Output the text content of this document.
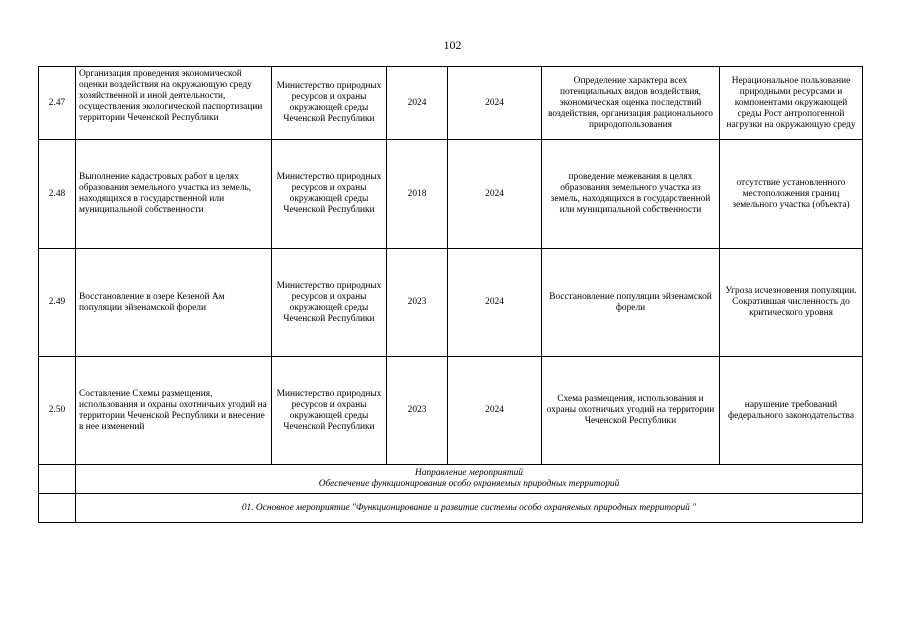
102
2.47	Организация проведения экономической оценки воздействия на окружающую среду хозяйственной и иной деятельности, осуществления экологической паспортизации территории Чеченской Республики	Министерство природных ресурсов и охраны окружающей среды Чеченской Республики	2024	2024	Определение характера всех потенциальных видов воздействия, экономическая оценка последствий воздействия, организация рационального природопользования	Нерациональное пользование природными ресурсами и компонентами окружающей среды Рост антропогенной нагрузки на окружающую среду
2.48	Выполнение кадастровых работ в целях образования земельного участка из земель, находящихся в государственной или муниципальной собственности	Министерство природных ресурсов и охраны окружающей среды Чеченской Республики	2018	2024	проведение межевания в целях образования земельного участка из земель, находящихся в государственной или муниципальной собственности	отсутствие установленного местоположения границ земельного участка (объекта)
2.49	Восстановление в озере Кезеной Ам популяции эйзенамской форели	Министерство природных ресурсов и охраны окружающей среды Чеченской Республики	2023	2024	Восстановление популяции эйзенамской форели	Угроза исчезновения популяции. Сократившая численность до критического уровня
2.50	Составление Схемы размещения, использования и охраны охотничьих угодий на территории Чеченской Республики и внесение в нее изменений	Министерство природных ресурсов и охраны окружающей среды Чеченской Республики	2023	2024	Схема размещения, использования и охраны охотничьих угодий на территории Чеченской Республики	нарушение требований федерального законодательства

	Направление мероприятий
Обеспечение функционирования особо охраняемых природных территорий					

	01. Основное мероприятие "Функционирование и развитие системы особо охраняемых природных территорий "					
